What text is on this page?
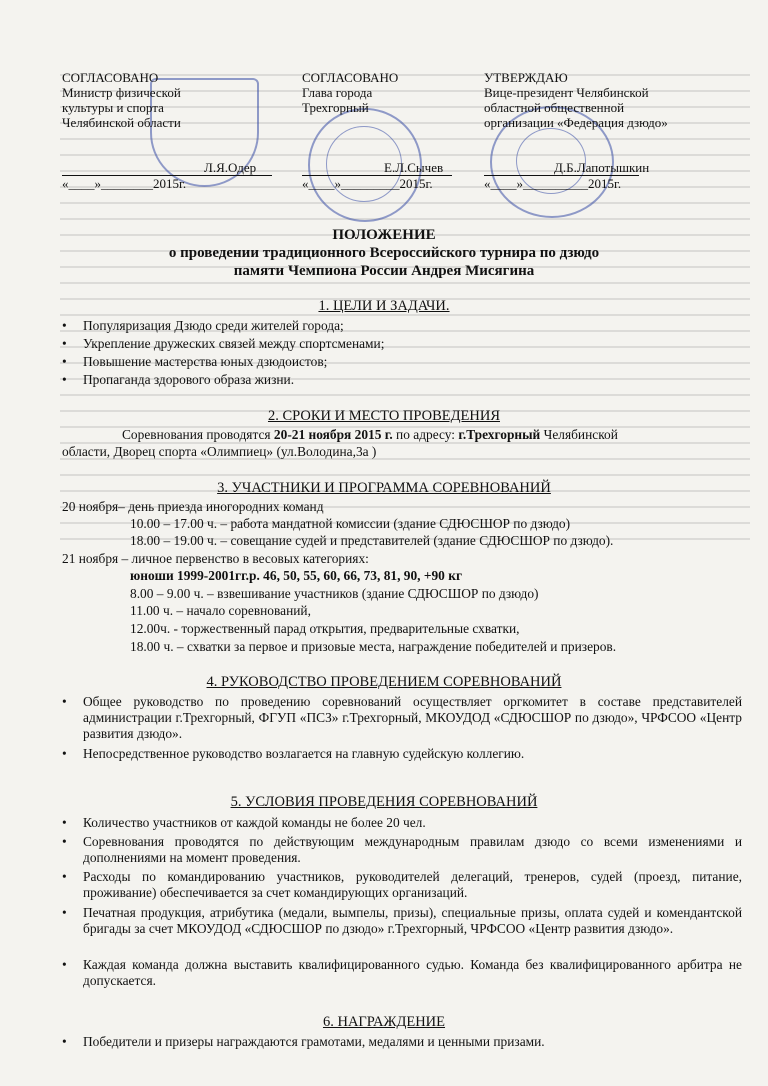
СОГЛАСОВАНО
Министр физической
культуры и спорта
Челябинской области
Л.Я.Одер
«____»________2015г.
СОГЛАСОВАНО
Глава города
Трехгорный
Е.Л.Сычев
«____»_________2015г.
УТВЕРЖДАЮ
Вице-президент Челябинской
областной общественной
организации «Федерация дзюдо»
Д.Б.Лапотышкин
«____»__________2015г.
ПОЛОЖЕНИЕ
о проведении традиционного Всероссийского турнира по дзюдо
памяти Чемпиона России Андрея Мисягина
1. ЦЕЛИ И ЗАДАЧИ.
• Популяризация Дзюдо среди жителей города;
• Укрепление дружеских связей между спортсменами;
• Повышение мастерства юных дзюдоистов;
• Пропаганда здорового образа жизни.
2. СРОКИ И МЕСТО ПРОВЕДЕНИЯ
Соревнования проводятся 20-21 ноября 2015 г. по адресу: г.Трехгорный Челябинской
области, Дворец спорта «Олимпиец» (ул.Володина,3а )
3. УЧАСТНИКИ И ПРОГРАММА СОРЕВНОВАНИЙ
20 ноября– день приезда иногородних команд
10.00 – 17.00 ч. – работа мандатной комиссии (здание СДЮСШОР по дзюдо)
18.00 – 19.00 ч. – совещание судей и представителей (здание СДЮСШОР по дзюдо).
21 ноября – личное первенство в весовых категориях:
юноши 1999-2001гг.р. 46, 50, 55, 60, 66, 73, 81, 90, +90 кг
8.00 – 9.00 ч. – взвешивание участников (здание СДЮСШОР по дзюдо)
11.00 ч. – начало соревнований,
12.00ч. - торжественный парад открытия, предварительные схватки,
18.00 ч. – схватки за первое и призовые места, награждение победителей и призеров.
4. РУКОВОДСТВО ПРОВЕДЕНИЕМ СОРЕВНОВАНИЙ
• Общее руководство по проведению соревнований осуществляет оргкомитет в составе представителей администрации г.Трехгорный, ФГУП «ПСЗ» г.Трехгорный, МКОУДОД «СДЮСШОР по дзюдо», ЧРФСОО «Центр развития дзюдо».
• Непосредственное руководство возлагается на главную судейскую коллегию.
5. УСЛОВИЯ ПРОВЕДЕНИЯ СОРЕВНОВАНИЙ
• Количество участников от каждой команды не более 20 чел.
• Соревнования проводятся по действующим международным правилам дзюдо со всеми изменениями и дополнениями на момент проведения.
• Расходы по командированию участников, руководителей делегаций, тренеров, судей (проезд, питание, проживание) обеспечивается за счет командирующих организаций.
• Печатная продукция, атрибутика (медали, вымпелы, призы), специальные призы, оплата судей и комендантской бригады за счет МКОУДОД «СДЮСШОР по дзюдо» г.Трехгорный, ЧРФСОО «Центр развития дзюдо».
• Каждая команда должна выставить квалифицированного судью. Команда без квалифицированного арбитра не допускается.
6. НАГРАЖДЕНИЕ
• Победители и призеры награждаются грамотами, медалями и ценными призами.
